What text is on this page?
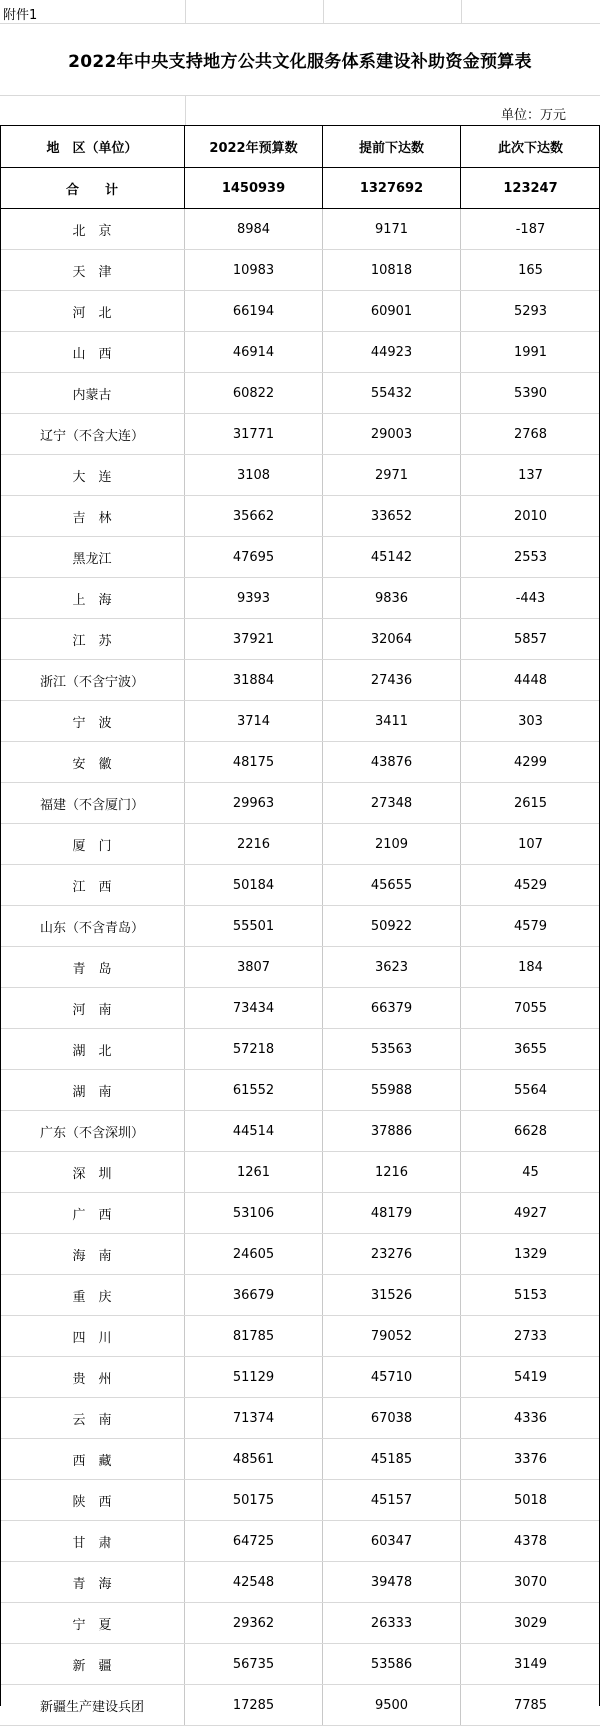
附件1
2022年中央支持地方公共文化服务体系建设补助资金预算表
单位：万元
地　区（单位）	2022年预算数	提前下达数	此次下达数
合　　计	1450939	1327692	123247
北　京	8984	9171	-187
天　津	10983	10818	165
河　北	66194	60901	5293
山　西	46914	44923	1991
内蒙古	60822	55432	5390
辽宁（不含大连）	31771	29003	2768
大　连	3108	2971	137
吉　林	35662	33652	2010
黑龙江	47695	45142	2553
上　海	9393	9836	-443
江　苏	37921	32064	5857
浙江（不含宁波）	31884	27436	4448
宁　波	3714	3411	303
安　徽	48175	43876	4299
福建（不含厦门）	29963	27348	2615
厦　门	2216	2109	107
江　西	50184	45655	4529
山东（不含青岛）	55501	50922	4579
青　岛	3807	3623	184
河　南	73434	66379	7055
湖　北	57218	53563	3655
湖　南	61552	55988	5564
广东（不含深圳）	44514	37886	6628
深　圳	1261	1216	45
广　西	53106	48179	4927
海　南	24605	23276	1329
重　庆	36679	31526	5153
四　川	81785	79052	2733
贵　州	51129	45710	5419
云　南	71374	67038	4336
西　藏	48561	45185	3376
陕　西	50175	45157	5018
甘　肃	64725	60347	4378
青　海	42548	39478	3070
宁　夏	29362	26333	3029
新　疆	56735	53586	3149
新疆生产建设兵团	17285	9500	7785
